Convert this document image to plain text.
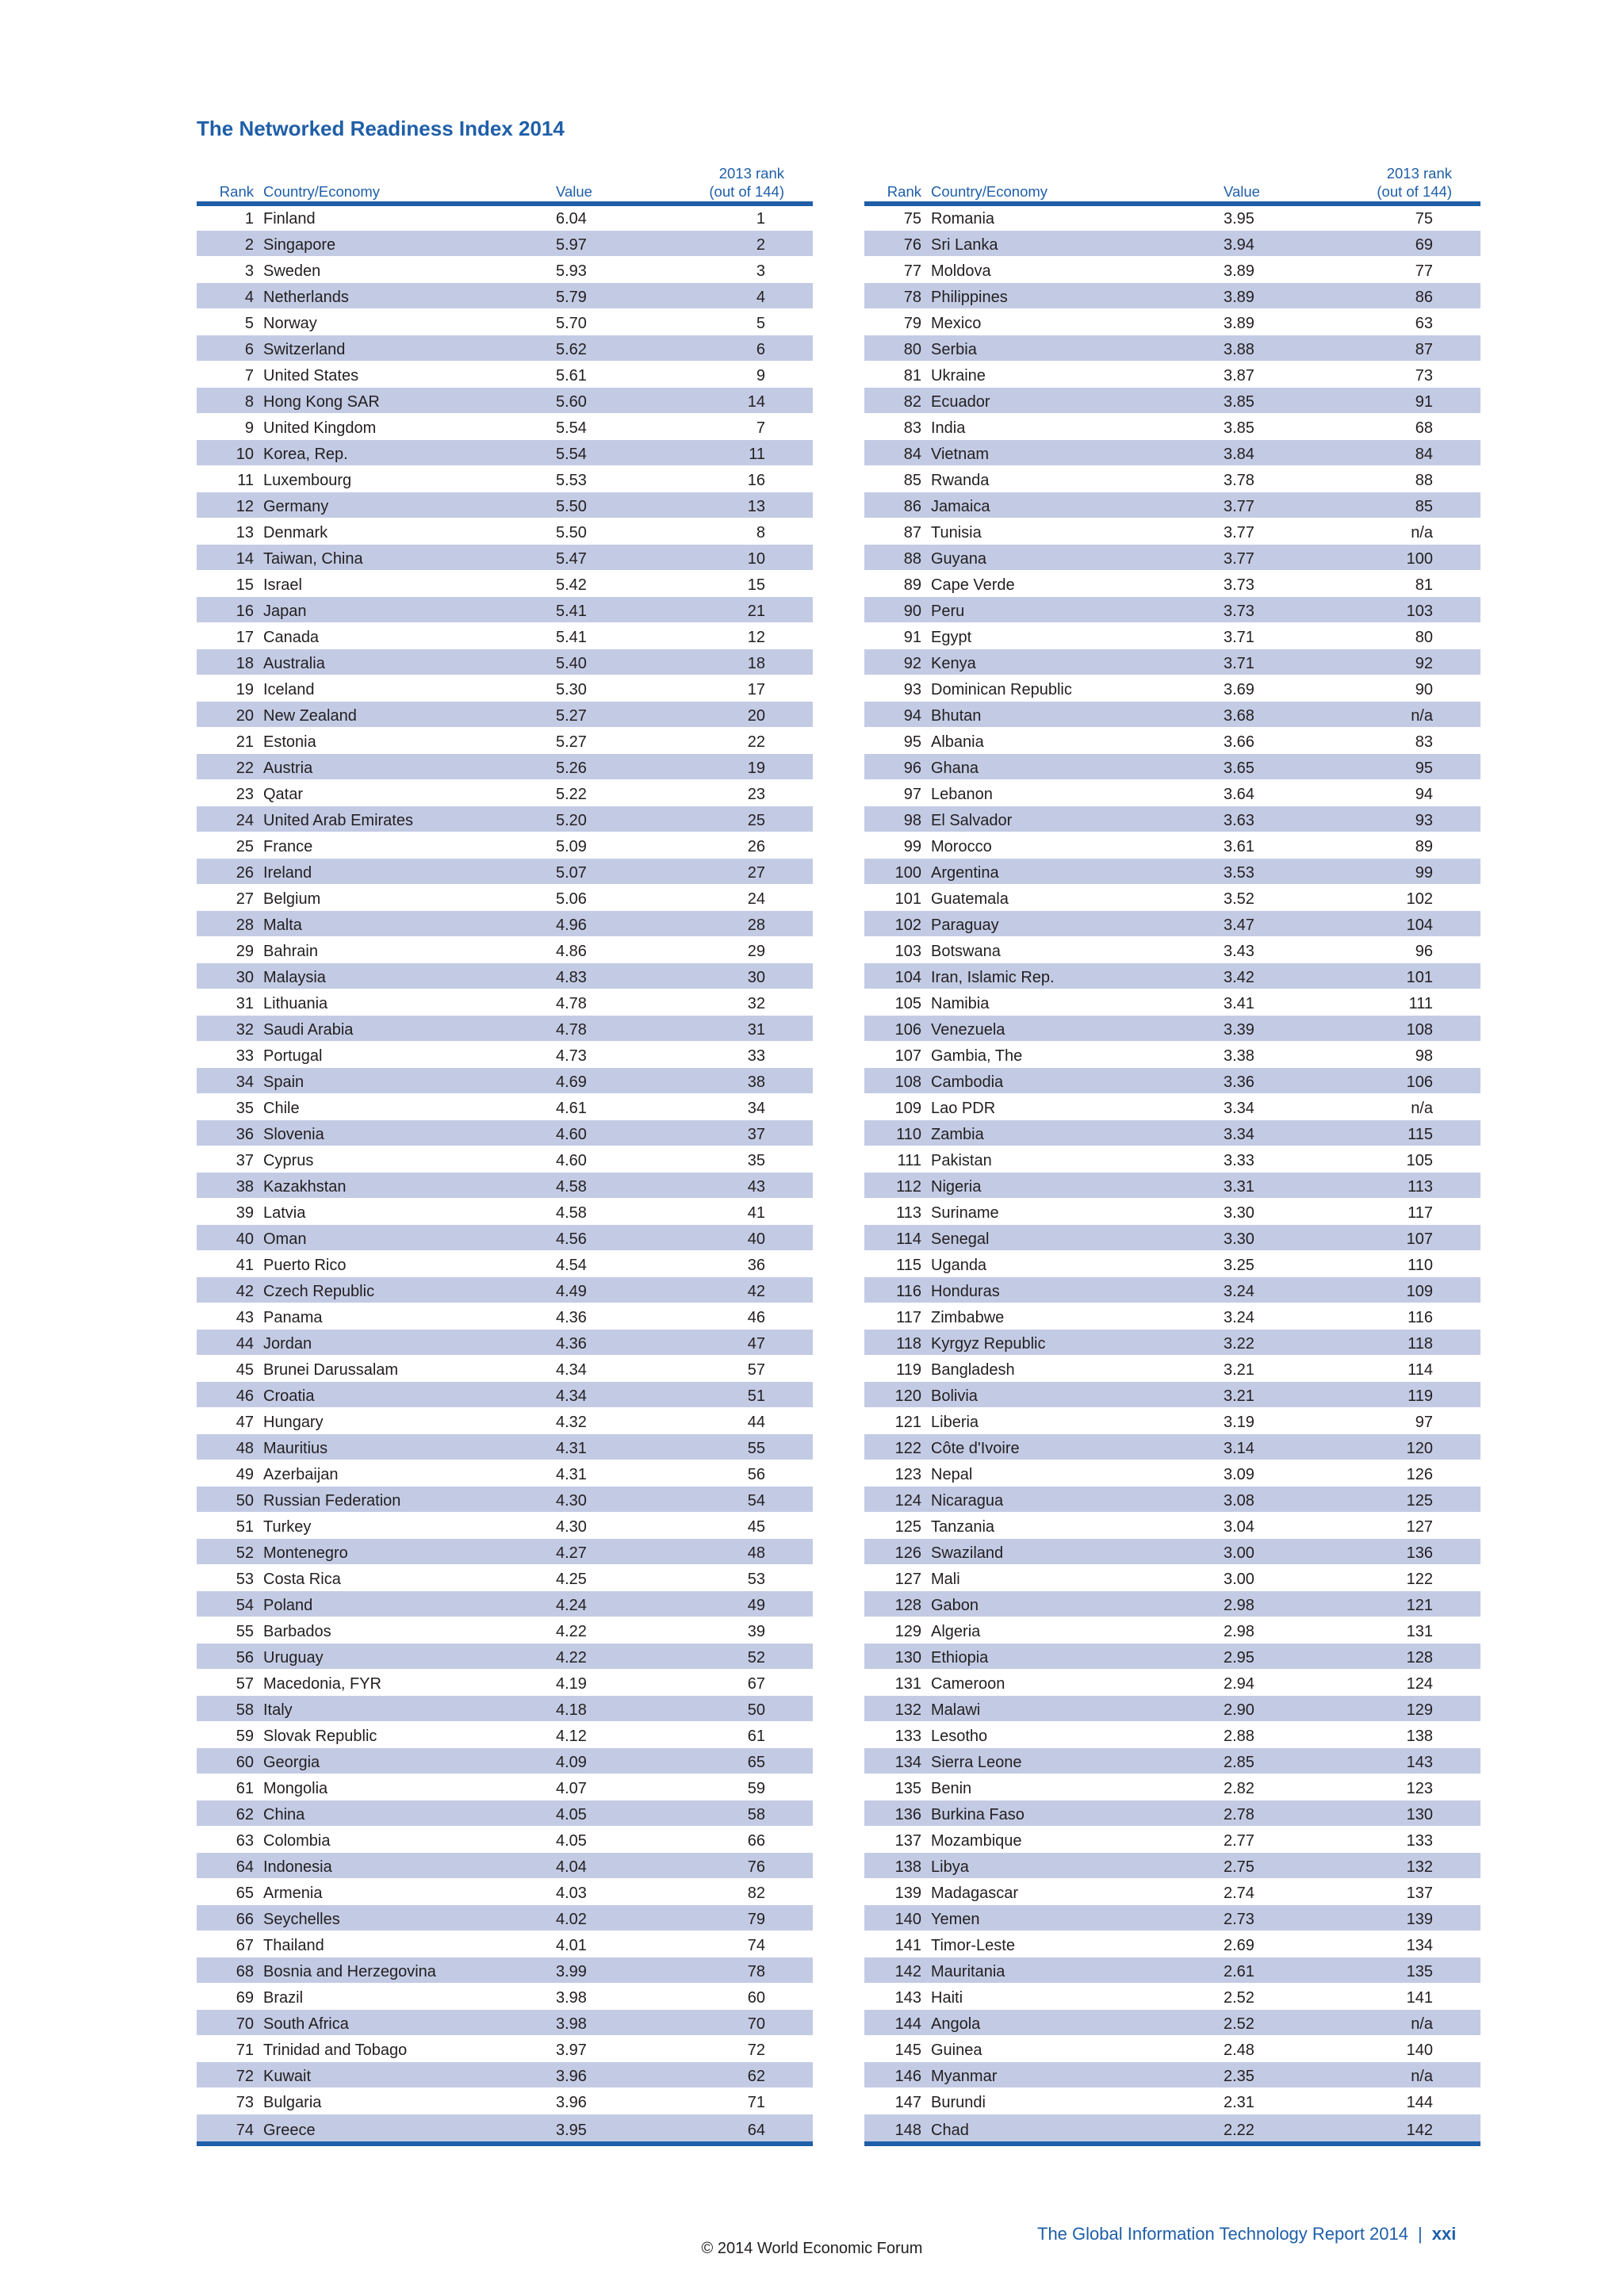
The Networked Readiness Index 2014
Rank	Country/Economy	Value	2013 rank
(out of 144)
1	Finland	6.04	1
2	Singapore	5.97	2
3	Sweden	5.93	3
4	Netherlands	5.79	4
5	Norway	5.70	5
6	Switzerland	5.62	6
7	United States	5.61	9
8	Hong Kong SAR	5.60	14
9	United Kingdom	5.54	7
10	Korea, Rep.	5.54	11
11	Luxembourg	5.53	16
12	Germany	5.50	13
13	Denmark	5.50	8
14	Taiwan, China	5.47	10
15	Israel	5.42	15
16	Japan	5.41	21
17	Canada	5.41	12
18	Australia	5.40	18
19	Iceland	5.30	17
20	New Zealand	5.27	20
21	Estonia	5.27	22
22	Austria	5.26	19
23	Qatar	5.22	23
24	United Arab Emirates	5.20	25
25	France	5.09	26
26	Ireland	5.07	27
27	Belgium	5.06	24
28	Malta	4.96	28
29	Bahrain	4.86	29
30	Malaysia	4.83	30
31	Lithuania	4.78	32
32	Saudi Arabia	4.78	31
33	Portugal	4.73	33
34	Spain	4.69	38
35	Chile	4.61	34
36	Slovenia	4.60	37
37	Cyprus	4.60	35
38	Kazakhstan	4.58	43
39	Latvia	4.58	41
40	Oman	4.56	40
41	Puerto Rico	4.54	36
42	Czech Republic	4.49	42
43	Panama	4.36	46
44	Jordan	4.36	47
45	Brunei Darussalam	4.34	57
46	Croatia	4.34	51
47	Hungary	4.32	44
48	Mauritius	4.31	55
49	Azerbaijan	4.31	56
50	Russian Federation	4.30	54
51	Turkey	4.30	45
52	Montenegro	4.27	48
53	Costa Rica	4.25	53
54	Poland	4.24	49
55	Barbados	4.22	39
56	Uruguay	4.22	52
57	Macedonia, FYR	4.19	67
58	Italy	4.18	50
59	Slovak Republic	4.12	61
60	Georgia	4.09	65
61	Mongolia	4.07	59
62	China	4.05	58
63	Colombia	4.05	66
64	Indonesia	4.04	76
65	Armenia	4.03	82
66	Seychelles	4.02	79
67	Thailand	4.01	74
68	Bosnia and Herzegovina	3.99	78
69	Brazil	3.98	60
70	South Africa	3.98	70
71	Trinidad and Tobago	3.97	72
72	Kuwait	3.96	62
73	Bulgaria	3.96	71
74	Greece	3.95	64
Rank	Country/Economy	Value	2013 rank
(out of 144)
75	Romania	3.95	75
76	Sri Lanka	3.94	69
77	Moldova	3.89	77
78	Philippines	3.89	86
79	Mexico	3.89	63
80	Serbia	3.88	87
81	Ukraine	3.87	73
82	Ecuador	3.85	91
83	India	3.85	68
84	Vietnam	3.84	84
85	Rwanda	3.78	88
86	Jamaica	3.77	85
87	Tunisia	3.77	n/a
88	Guyana	3.77	100
89	Cape Verde	3.73	81
90	Peru	3.73	103
91	Egypt	3.71	80
92	Kenya	3.71	92
93	Dominican Republic	3.69	90
94	Bhutan	3.68	n/a
95	Albania	3.66	83
96	Ghana	3.65	95
97	Lebanon	3.64	94
98	El Salvador	3.63	93
99	Morocco	3.61	89
100	Argentina	3.53	99
101	Guatemala	3.52	102
102	Paraguay	3.47	104
103	Botswana	3.43	96
104	Iran, Islamic Rep.	3.42	101
105	Namibia	3.41	111
106	Venezuela	3.39	108
107	Gambia, The	3.38	98
108	Cambodia	3.36	106
109	Lao PDR	3.34	n/a
110	Zambia	3.34	115
111	Pakistan	3.33	105
112	Nigeria	3.31	113
113	Suriname	3.30	117
114	Senegal	3.30	107
115	Uganda	3.25	110
116	Honduras	3.24	109
117	Zimbabwe	3.24	116
118	Kyrgyz Republic	3.22	118
119	Bangladesh	3.21	114
120	Bolivia	3.21	119
121	Liberia	3.19	97
122	Côte d'Ivoire	3.14	120
123	Nepal	3.09	126
124	Nicaragua	3.08	125
125	Tanzania	3.04	127
126	Swaziland	3.00	136
127	Mali	3.00	122
128	Gabon	2.98	121
129	Algeria	2.98	131
130	Ethiopia	2.95	128
131	Cameroon	2.94	124
132	Malawi	2.90	129
133	Lesotho	2.88	138
134	Sierra Leone	2.85	143
135	Benin	2.82	123
136	Burkina Faso	2.78	130
137	Mozambique	2.77	133
138	Libya	2.75	132
139	Madagascar	2.74	137
140	Yemen	2.73	139
141	Timor-Leste	2.69	134
142	Mauritania	2.61	135
143	Haiti	2.52	141
144	Angola	2.52	n/a
145	Guinea	2.48	140
146	Myanmar	2.35	n/a
147	Burundi	2.31	144
148	Chad	2.22	142
The Global Information Technology Report 2014 | xxi
© 2014 World Economic Forum
